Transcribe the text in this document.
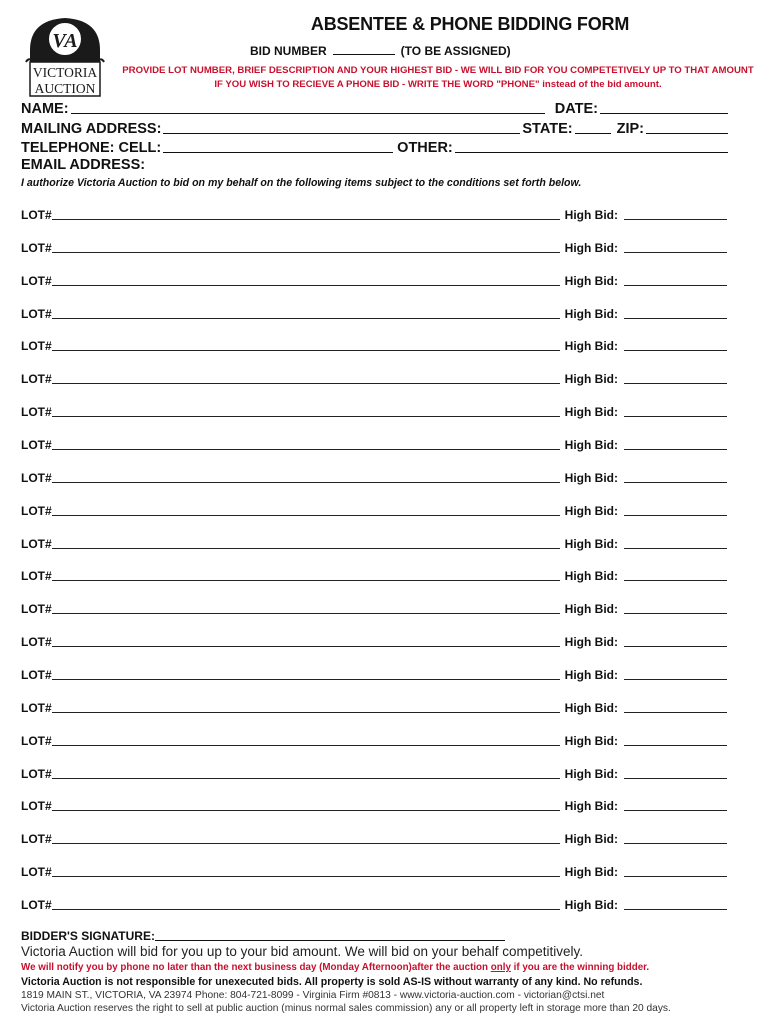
VA
VICTORIA
AUCTION
ABSENTEE & PHONE BIDDING FORM
BID NUMBER	(TO BE ASSIGNED)
PROVIDE LOT NUMBER, BRIEF DESCRIPTION AND YOUR HIGHEST BID - WE WILL BID FOR YOU COMPETETIVELY UP TO THAT AMOUNT
IF YOU WISH TO RECIEVE A PHONE BID - WRITE THE WORD "PHONE" instead of the bid amount.
NAME:	DATE:
MAILING ADDRESS:	STATE:	ZIP:
TELEPHONE: CELL:	OTHER:
EMAIL ADDRESS:
I authorize Victoria Auction to bid on my behalf on the following items subject to the conditions set forth below.
LOT#	High Bid:
LOT#	High Bid:
LOT#	High Bid:
LOT#	High Bid:
LOT#	High Bid:
LOT#	High Bid:
LOT#	High Bid:
LOT#	High Bid:
LOT#	High Bid:
LOT#	High Bid:
LOT#	High Bid:
LOT#	High Bid:
LOT#	High Bid:
LOT#	High Bid:
LOT#	High Bid:
LOT#	High Bid:
LOT#	High Bid:
LOT#	High Bid:
LOT#	High Bid:
LOT#	High Bid:
LOT#	High Bid:
LOT#	High Bid:
BIDDER'S SIGNATURE:
Victoria Auction will bid for you up to your bid amount. We will bid on your behalf competitively.
We will notify you by phone no later than the next business day (Monday Afternoon)after the auction only if you are the winning bidder.
Victoria Auction is not responsible for unexecuted bids. All property is sold AS-IS without warranty of any kind. No refunds.
1819 MAIN ST., VICTORIA, VA 23974 Phone: 804-721-8099 - Virginia Firm #0813 - www.victoria-auction.com - victorian@ctsi.net
Victoria Auction reserves the right to sell at public auction (minus normal sales commission) any or all property left in storage more than 20 days.
